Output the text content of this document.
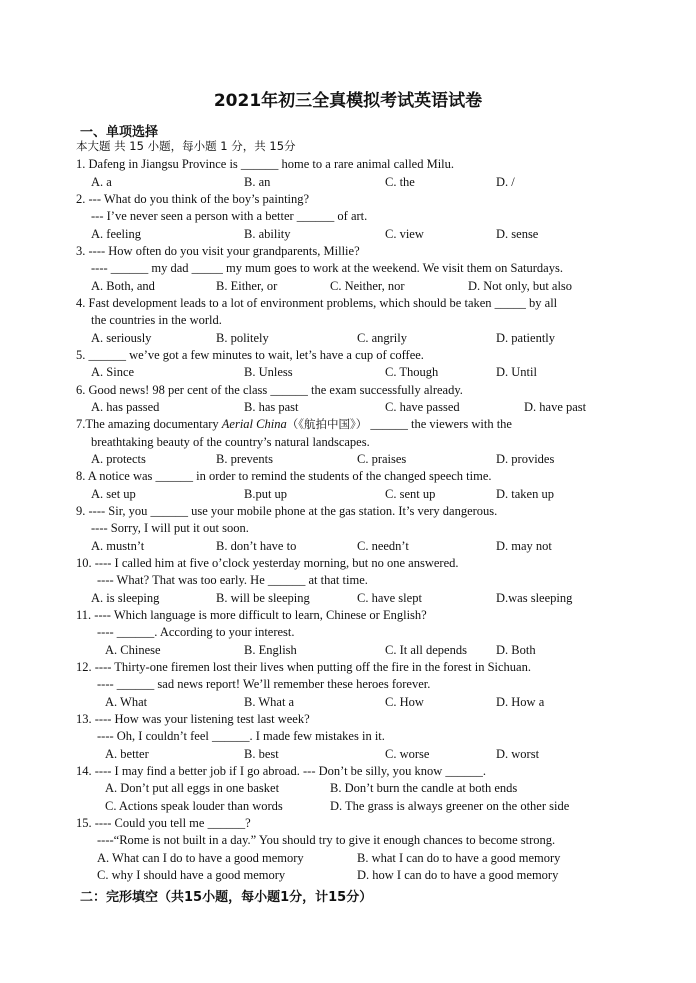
2021年初三全真模拟考试英语试卷
一、单项选择
本大题 共 15 小题，每小题 1 分，共 15分
1. Dafeng in Jiangsu Province is ______ home to a rare animal called Milu.
A. a	B. an	C. the	D. /
2. --- What do you think of the boy’s painting?
--- I’ve never seen a person with a better ______ of art.
A. feeling	B. ability	C. view	D. sense
3. ---- How often do you visit your grandparents, Millie?
---- ______ my dad _____ my mum goes to work at the weekend. We visit them on Saturdays.
A. Both, and	B. Either, or	C. Neither, nor	D. Not only, but also
4. Fast development leads to a lot of environment problems, which should be taken _____ by all
the countries in the world.
A. seriously	B. politely	C. angrily	D. patiently
5. ______ we’ve got a few minutes to wait, let’s have a cup of coffee.
A. Since	B. Unless	C. Though	D. Until
6. Good news! 98 per cent of the class ______ the exam successfully already.
A. has passed	B. has past	C. have passed	D. have past
7.The amazing documentary Aerial China（《航拍中国》） ______ the viewers with the
breathtaking beauty of the country’s natural landscapes.
A. protects	B. prevents	C. praises	D. provides
8. A notice was ______ in order to remind the students of the changed speech time.
A. set up	B.put up	C. sent up	D. taken up
9. ---- Sir, you ______ use your mobile phone at the gas station. It’s very dangerous.
---- Sorry, I will put it out soon.
A. mustn’t	B. don’t have to	C. needn’t	D. may not
10. ---- I called him at five o’clock yesterday morning, but no one answered.
---- What? That was too early. He ______ at that time.
A. is sleeping	B. will be sleeping	C. have slept	D.was sleeping
11. ---- Which language is more difficult to learn, Chinese or English?
---- ______. According to your interest.
A. Chinese	B. English	C. It all depends D. Both
12. ---- Thirty-one firemen lost their lives when putting off the fire in the forest in Sichuan.
---- ______ sad news report! We’ll remember these heroes forever.
A. What	B. What a	C. How	D. How a
13. ---- How was your listening test last week?
---- Oh, I couldn’t feel ______. I made few mistakes in it.
A. better	B. best	C. worse	D. worst
14. ---- I may find a better job if I go abroad. --- Don’t be silly, you know ______.
A. Don’t put all eggs in one basket	B. Don’t burn the candle at both ends
C. Actions speak louder than words	D. The grass is always greener on the other side
15. ---- Could you tell me ______?
----“Rome is not built in a day.” You should try to give it enough chances to become strong.
A. What can I do to have a good memory	B. what I can do to have a good memory
C. why I should have a good memory	D. how I can do to have a good memory
二：完形填空（共15小题，每小题1分，计15分）
